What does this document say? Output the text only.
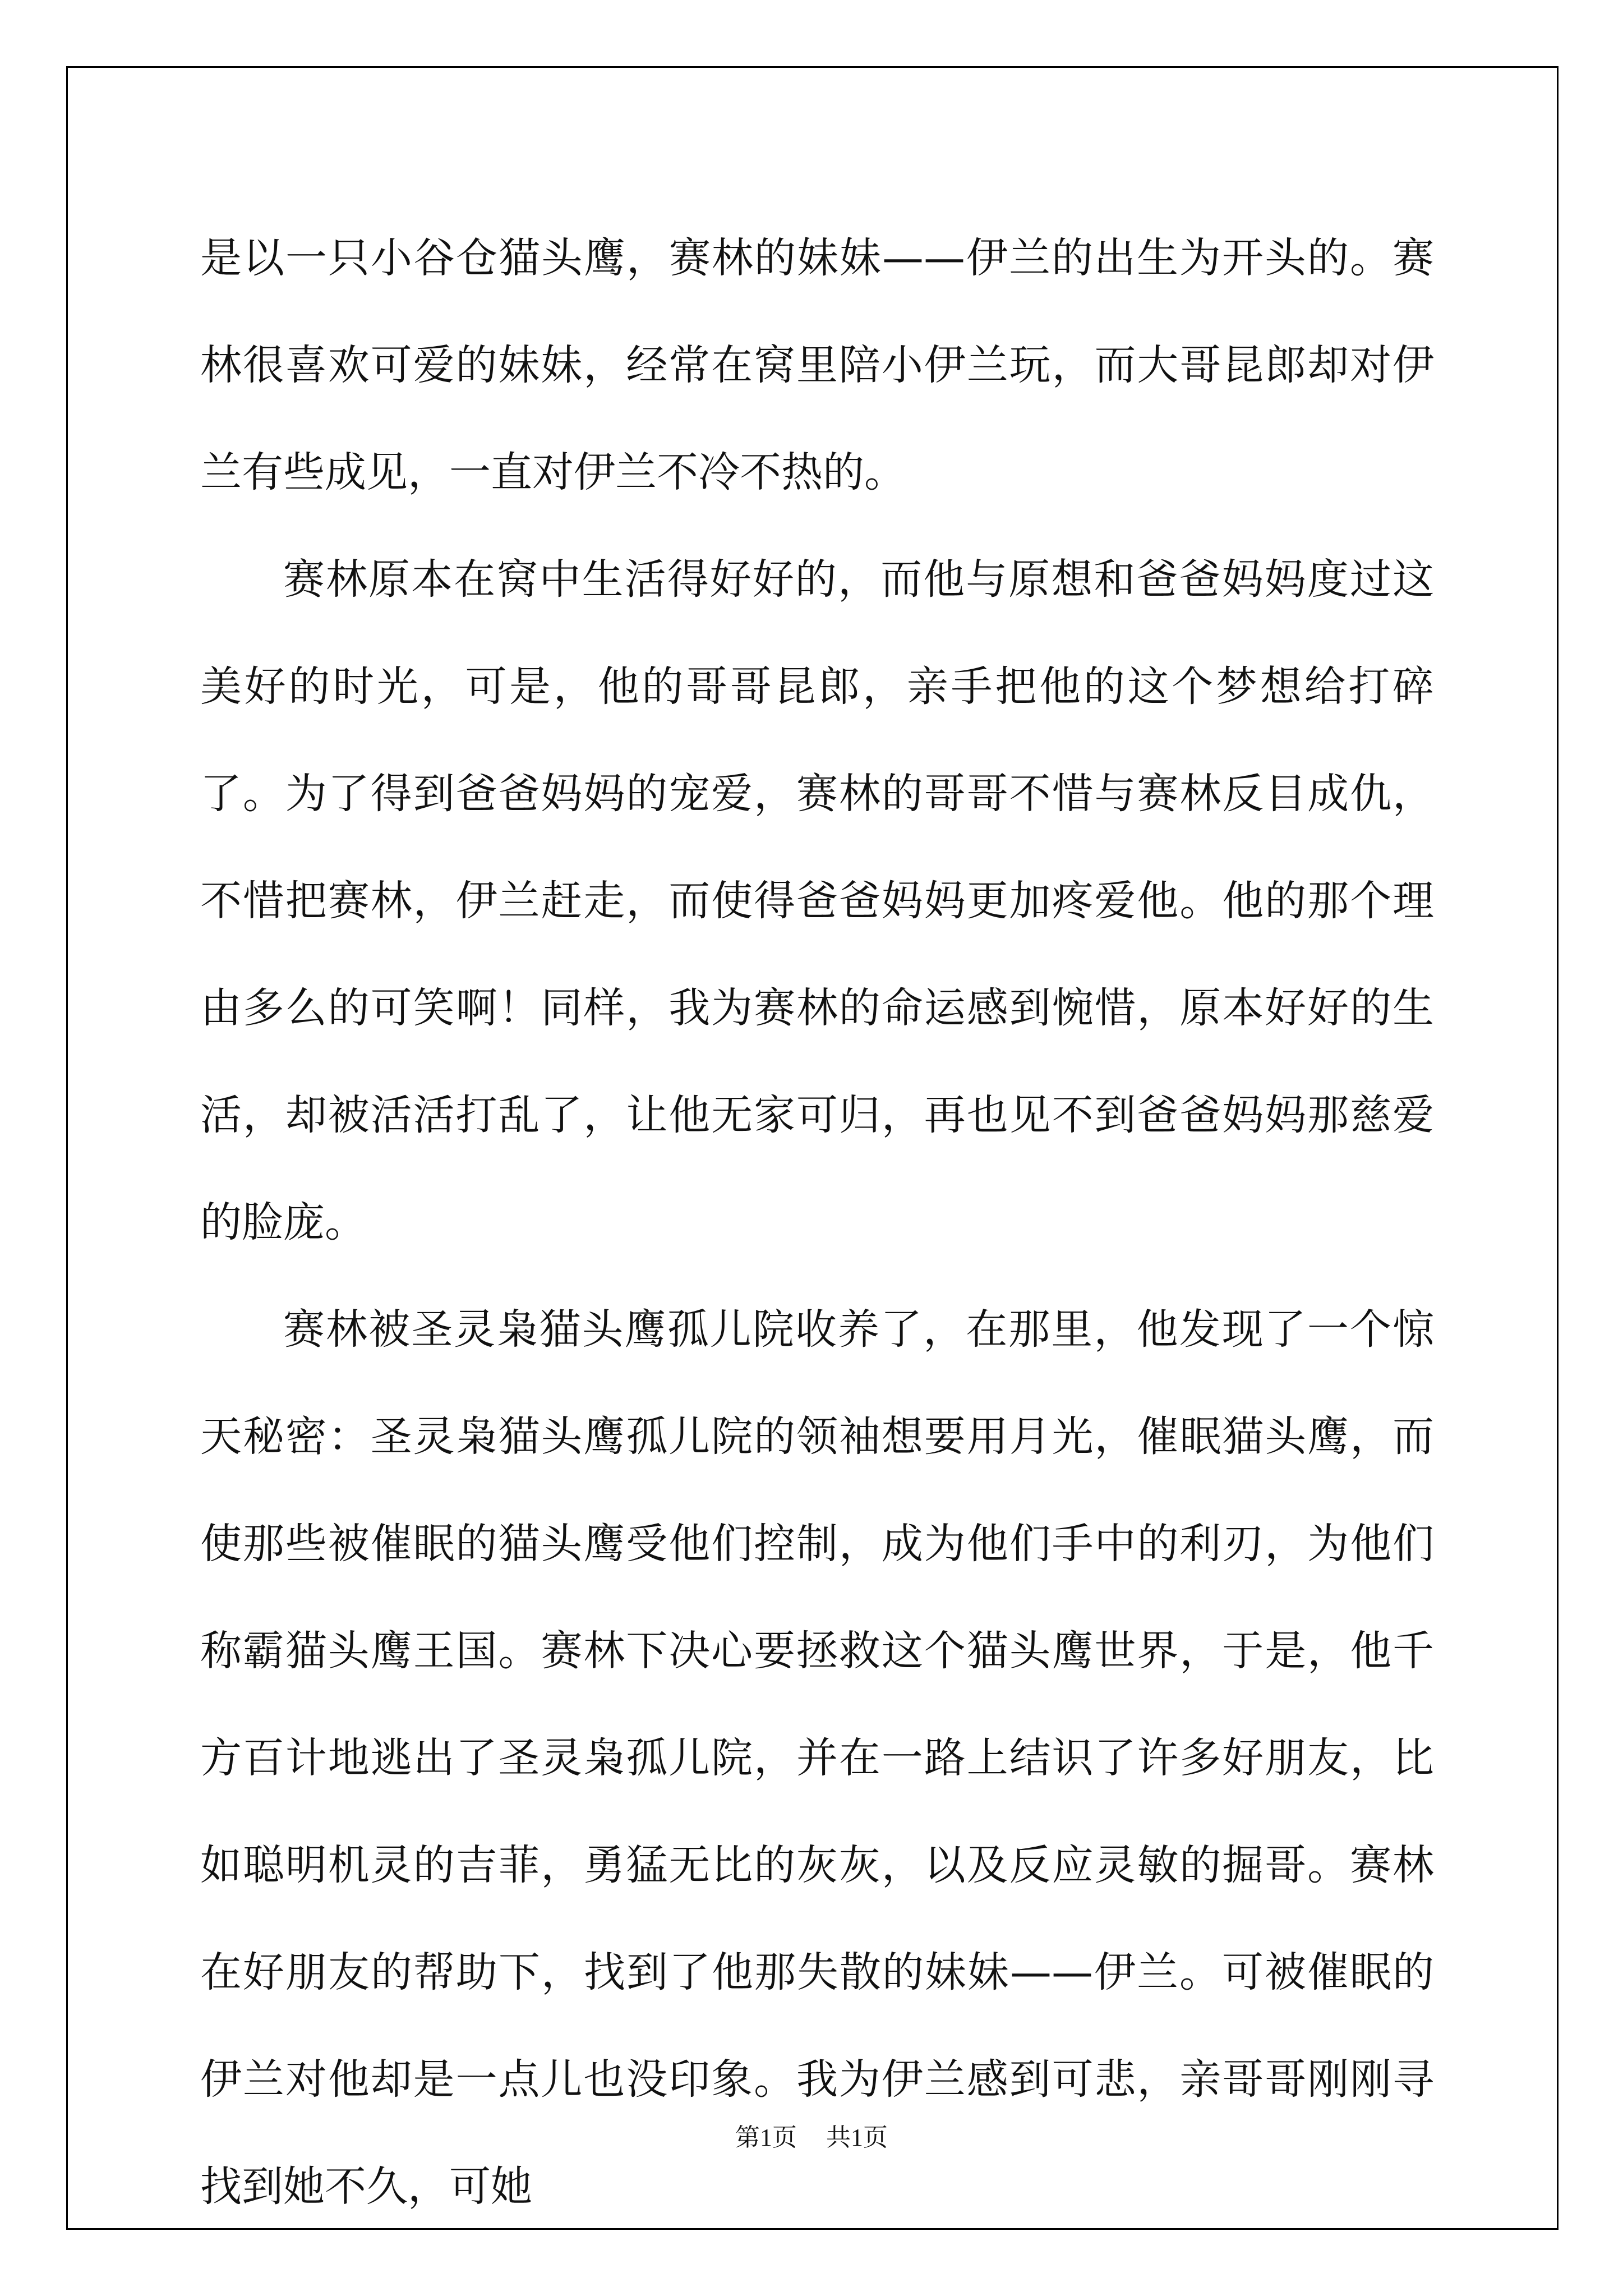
是以一只小谷仓猫头鹰，赛林的妹妹——伊兰的出生为开头的。赛林很喜欢可爱的妹妹，经常在窝里陪小伊兰玩，而大哥昆郎却对伊兰有些成见，一直对伊兰不冷不热的。

赛林原本在窝中生活得好好的，而他与原想和爸爸妈妈度过这美好的时光，可是，他的哥哥昆郎，亲手把他的这个梦想给打碎了。为了得到爸爸妈妈的宠爱，赛林的哥哥不惜与赛林反目成仇，不惜把赛林，伊兰赶走，而使得爸爸妈妈更加疼爱他。他的那个理由多么的可笑啊！同样，我为赛林的命运感到惋惜，原本好好的生活，却被活活打乱了，让他无家可归，再也见不到爸爸妈妈那慈爱的脸庞。

赛林被圣灵枭猫头鹰孤儿院收养了，在那里，他发现了一个惊天秘密：圣灵枭猫头鹰孤儿院的领袖想要用月光，催眠猫头鹰，而使那些被催眠的猫头鹰受他们控制，成为他们手中的利刃，为他们称霸猫头鹰王国。赛林下决心要拯救这个猫头鹰世界，于是，他千方百计地逃出了圣灵枭孤儿院，并在一路上结识了许多好朋友，比如聪明机灵的吉菲，勇猛无比的灰灰，以及反应灵敏的掘哥。赛林在好朋友的帮助下，找到了他那失散的妹妹——伊兰。可被催眠的伊兰对他却是一点儿也没印象。我为伊兰感到可悲，亲哥哥刚刚寻找到她不久，可她

第1页 共1页
